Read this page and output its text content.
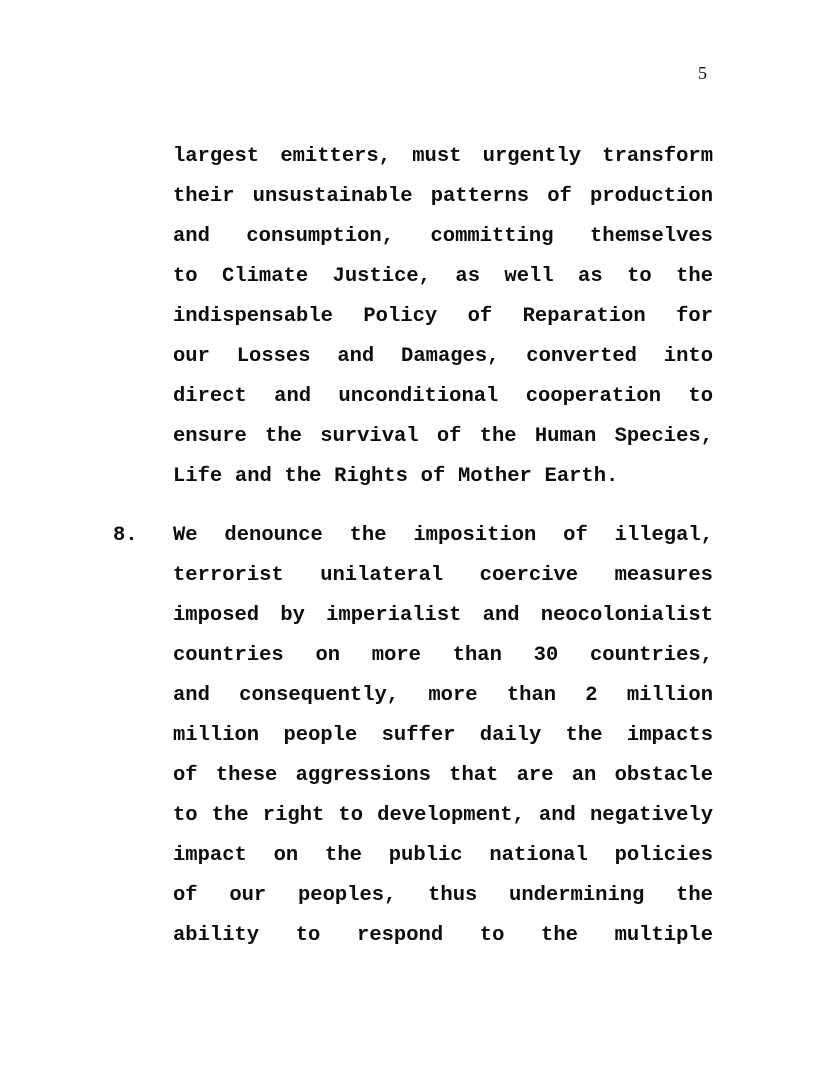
5
largest emitters, must urgently transform
their unsustainable patterns of production
and consumption, committing themselves
to Climate Justice, as well as to the
indispensable Policy of Reparation for
our Losses and Damages, converted into
direct and unconditional cooperation to
ensure the survival of the Human Species,
Life and the Rights of Mother Earth.
8. We denounce the imposition of illegal,
terrorist unilateral coercive measures
imposed by imperialist and neocolonialist
countries on more than 30 countries,
and consequently, more than 2 million
million people suffer daily the impacts
of these aggressions that are an obstacle
to the right to development, and negatively
impact on the public national policies
of our peoples, thus undermining the
ability to respond to the multiple
